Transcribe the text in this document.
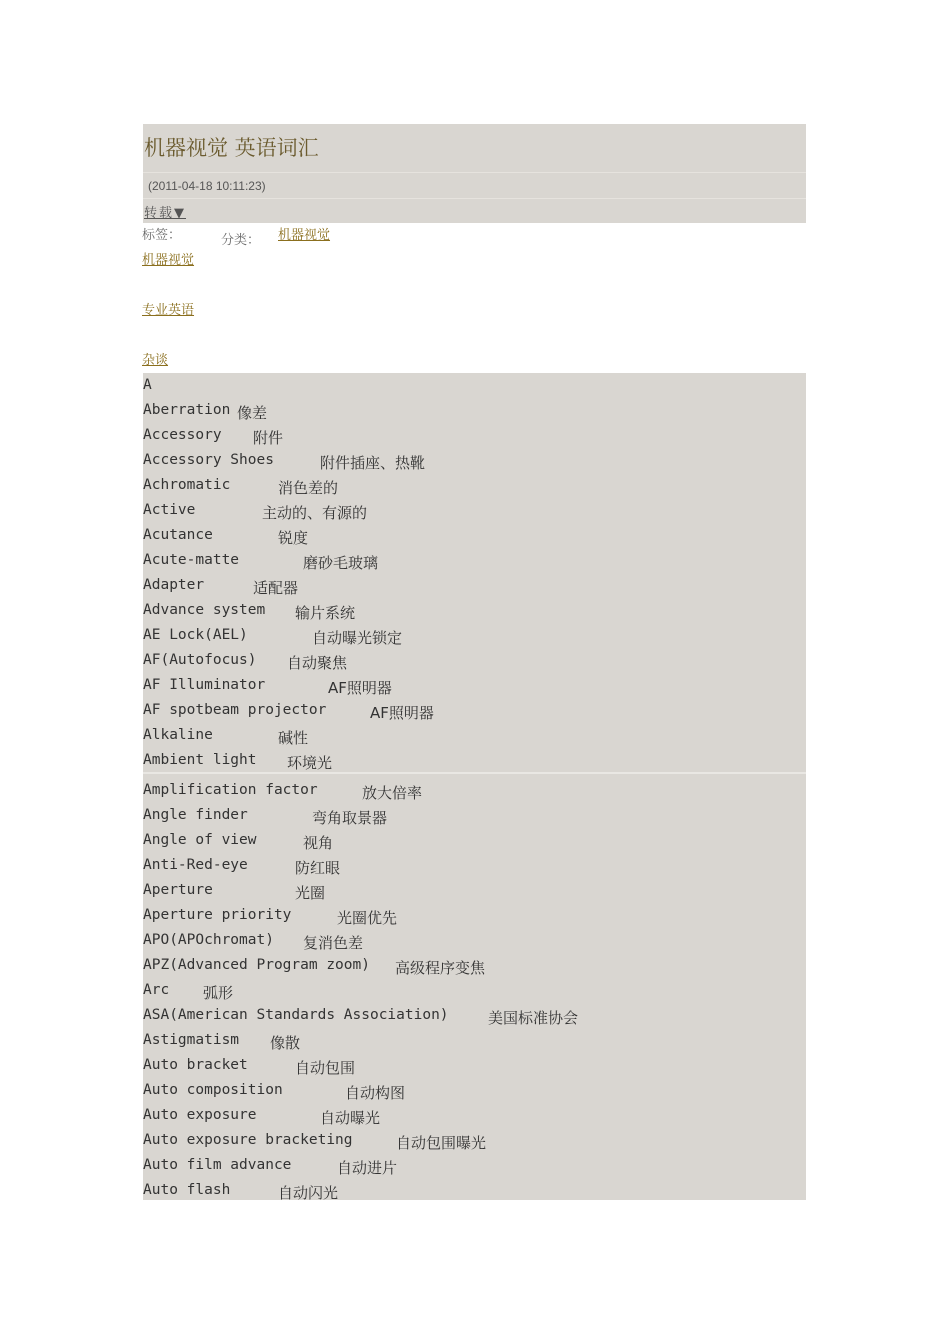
机器视觉 英语词汇
(2011-04-18 10:11:23)
转载▼
标签：	分类： 机器视觉
机器视觉
专业英语
杂谈
A
Aberration 像差
Accessory 附件
Accessory Shoes	附件插座、热靴
Achromatic	消色差的
Active	主动的、有源的
Acutance	锐度
Acute-matte	磨砂毛玻璃
Adapter	适配器
Advance system 输片系统
AE Lock(AEL)	自动曝光锁定
AF(Autofocus) 自动聚焦
AF Illuminator	AF照明器
AF spotbeam projector	AF照明器
Alkaline	碱性
Ambient light 环境光
Amplification factor	放大倍率
Angle finder	弯角取景器
Angle of view	视角
Anti-Red-eye	防红眼
Aperture	光圈
Aperture priority	光圈优先
APO(APOchromat) 复消色差
APZ(Advanced Program zoom) 高级程序变焦
Arc 弧形
ASA(American Standards Association)	美国标准协会
Astigmatism 像散
Auto bracket	自动包围
Auto composition	自动构图
Auto exposure	自动曝光
Auto exposure bracketing	自动包围曝光
Auto film advance	自动进片
Auto flash	自动闪光
